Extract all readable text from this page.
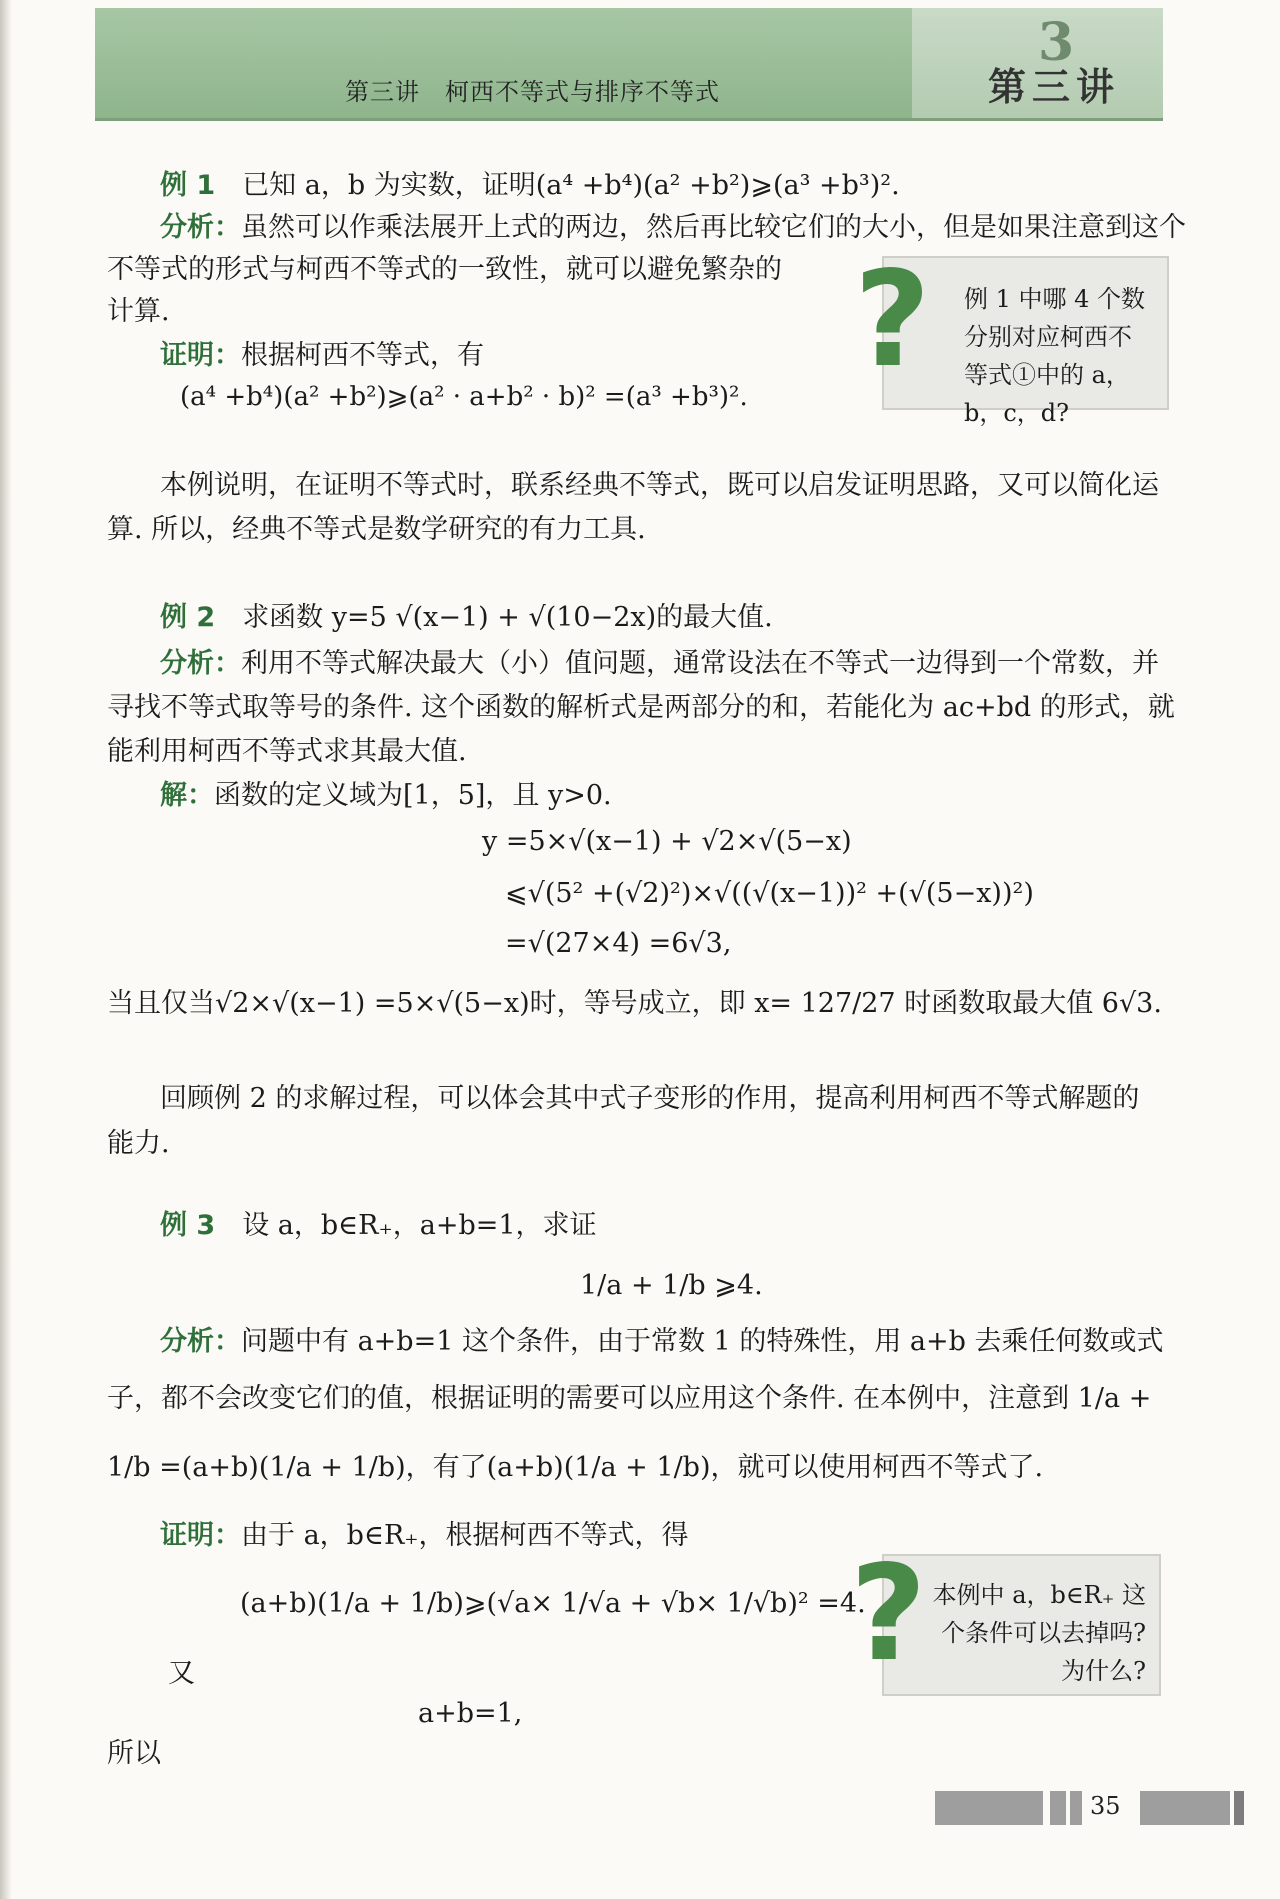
第三讲　柯西不等式与排序不等式
3
第三讲
例 1　 已知 a，b 为实数，证明(a⁴ +b⁴)(a² +b²)⩾(a³ +b³)².
分析：虽然可以作乘法展开上式的两边，然后再比较它们的大小，但是如果注意到这个
不等式的形式与柯西不等式的一致性，就可以避免繁杂的
计算.
证明：根据柯西不等式，有
(a⁴ +b⁴)(a² +b²)⩾(a² · a+b² · b)² =(a³ +b³)². ? 例 1 中哪 4 个数分别对应柯西不等式①中的 a，b，c，d?
本例说明，在证明不等式时，联系经典不等式，既可以启发证明思路，又可以简化运
算. 所以，经典不等式是数学研究的有力工具.
例 2　 求函数 y=5 √(x−1) + √(10−2x)的最大值.
分析：利用不等式解决最大（小）值问题，通常设法在不等式一边得到一个常数，并
寻找不等式取等号的条件. 这个函数的解析式是两部分的和，若能化为 ac+bd 的形式，就
能利用柯西不等式求其最大值.
解：函数的定义域为[1，5]，且 y>0.
y =5×√(x−1) + √2×√(5−x)
⩽√(5² +(√2)²)×√((√(x−1))² +(√(5−x))²)
=√(27×4) =6√3,
当且仅当√2×√(x−1) =5×√(5−x)时，等号成立，即 x= 127/27 时函数取最大值 6√3.
回顾例 2 的求解过程，可以体会其中式子变形的作用，提高利用柯西不等式解题的
能力.
例 3　 设 a，b∈R₊，a+b=1，求证
1/a + 1/b ⩾4.
分析：问题中有 a+b=1 这个条件，由于常数 1 的特殊性，用 a+b 去乘任何数或式
子，都不会改变它们的值，根据证明的需要可以应用这个条件. 在本例中，注意到 1/a +
1/b =(a+b)(1/a + 1/b)，有了(a+b)(1/a + 1/b)，就可以使用柯西不等式了.
证明：由于 a，b∈R₊，根据柯西不等式，得
(a+b)(1/a + 1/b)⩾(√a× 1/√a + √b× 1/√b)² =4.
又
a+b=1,
所以
? 本例中 a，b∈R₊ 这个条件可以去掉吗?为什么?
35
